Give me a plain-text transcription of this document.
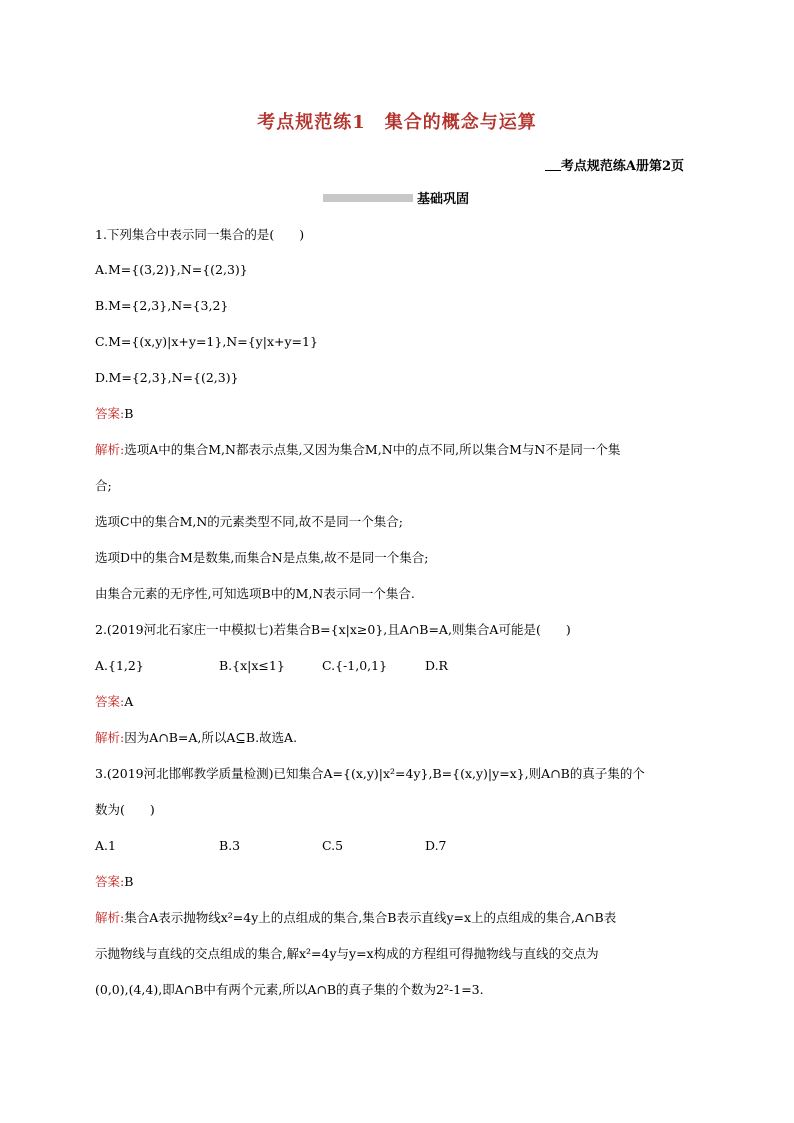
考点规范练1　集合的概念与运算
考点规范练A册第2页
基础巩固
1.下列集合中表示同一集合的是(　　)
A.M={(3,2)},N={(2,3)}
B.M={2,3},N={3,2}
C.M={(x,y)|x+y=1},N={y|x+y=1}
D.M={2,3},N={(2,3)}
答案:B
解析:选项A中的集合M,N都表示点集,又因为集合M,N中的点不同,所以集合M与N不是同一个集
合;
选项C中的集合M,N的元素类型不同,故不是同一个集合;
选项D中的集合M是数集,而集合N是点集,故不是同一个集合;
由集合元素的无序性,可知选项B中的M,N表示同一个集合.
2.(2019河北石家庄一中模拟七)若集合B={x|x≥0},且A∩B=A,则集合A可能是(　　)
A.{1,2}	B.{x|x≤1}	C.{-1,0,1}	D.R
答案:A
解析:因为A∩B=A,所以A⊆B.故选A.
3.(2019河北邯郸教学质量检测)已知集合A={(x,y)|x²=4y},B={(x,y)|y=x},则A∩B的真子集的个
数为(　　)
A.1	B.3	C.5	D.7
答案:B
解析:集合A表示抛物线x²=4y上的点组成的集合,集合B表示直线y=x上的点组成的集合,A∩B表
示抛物线与直线的交点组成的集合,解x²=4y与y=x构成的方程组可得抛物线与直线的交点为
(0,0),(4,4),即A∩B中有两个元素,所以A∩B的真子集的个数为2²-1=3.
